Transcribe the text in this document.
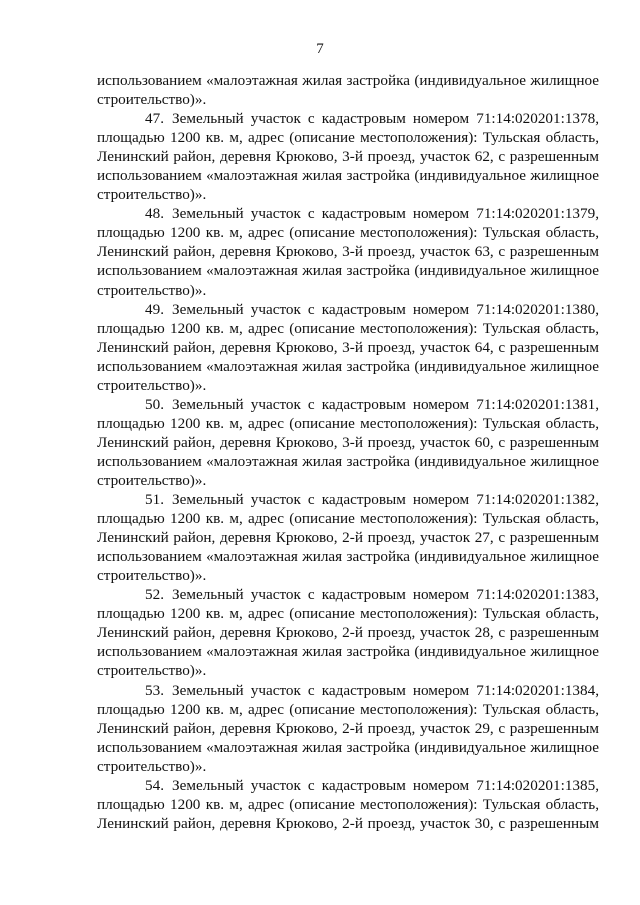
7
использованием «малоэтажная жилая застройка (индивидуальное жилищное
строительство)».
47. Земельный участок с кадастровым номером 71:14:020201:1378,
площадью 1200 кв. м, адрес (описание местоположения): Тульская область,
Ленинский район, деревня Крюково, 3-й проезд, участок 62, с разрешенным
использованием «малоэтажная жилая застройка (индивидуальное жилищное
строительство)».
48. Земельный участок с кадастровым номером 71:14:020201:1379,
площадью 1200 кв. м, адрес (описание местоположения): Тульская область,
Ленинский район, деревня Крюково, 3-й проезд, участок 63, с разрешенным
использованием «малоэтажная жилая застройка (индивидуальное жилищное
строительство)».
49. Земельный участок с кадастровым номером 71:14:020201:1380,
площадью 1200 кв. м, адрес (описание местоположения): Тульская область,
Ленинский район, деревня Крюково, 3-й проезд, участок 64, с разрешенным
использованием «малоэтажная жилая застройка (индивидуальное жилищное
строительство)».
50. Земельный участок с кадастровым номером 71:14:020201:1381,
площадью 1200 кв. м, адрес (описание местоположения): Тульская область,
Ленинский район, деревня Крюково, 3-й проезд, участок 60, с разрешенным
использованием «малоэтажная жилая застройка (индивидуальное жилищное
строительство)».
51. Земельный участок с кадастровым номером 71:14:020201:1382,
площадью 1200 кв. м, адрес (описание местоположения): Тульская область,
Ленинский район, деревня Крюково, 2-й проезд, участок 27, с разрешенным
использованием «малоэтажная жилая застройка (индивидуальное жилищное
строительство)».
52. Земельный участок с кадастровым номером 71:14:020201:1383,
площадью 1200 кв. м, адрес (описание местоположения): Тульская область,
Ленинский район, деревня Крюково, 2-й проезд, участок 28, с разрешенным
использованием «малоэтажная жилая застройка (индивидуальное жилищное
строительство)».
53. Земельный участок с кадастровым номером 71:14:020201:1384,
площадью 1200 кв. м, адрес (описание местоположения): Тульская область,
Ленинский район, деревня Крюково, 2-й проезд, участок 29, с разрешенным
использованием «малоэтажная жилая застройка (индивидуальное жилищное
строительство)».
54. Земельный участок с кадастровым номером 71:14:020201:1385,
площадью 1200 кв. м, адрес (описание местоположения): Тульская область,
Ленинский район, деревня Крюково, 2-й проезд, участок 30, с разрешенным
